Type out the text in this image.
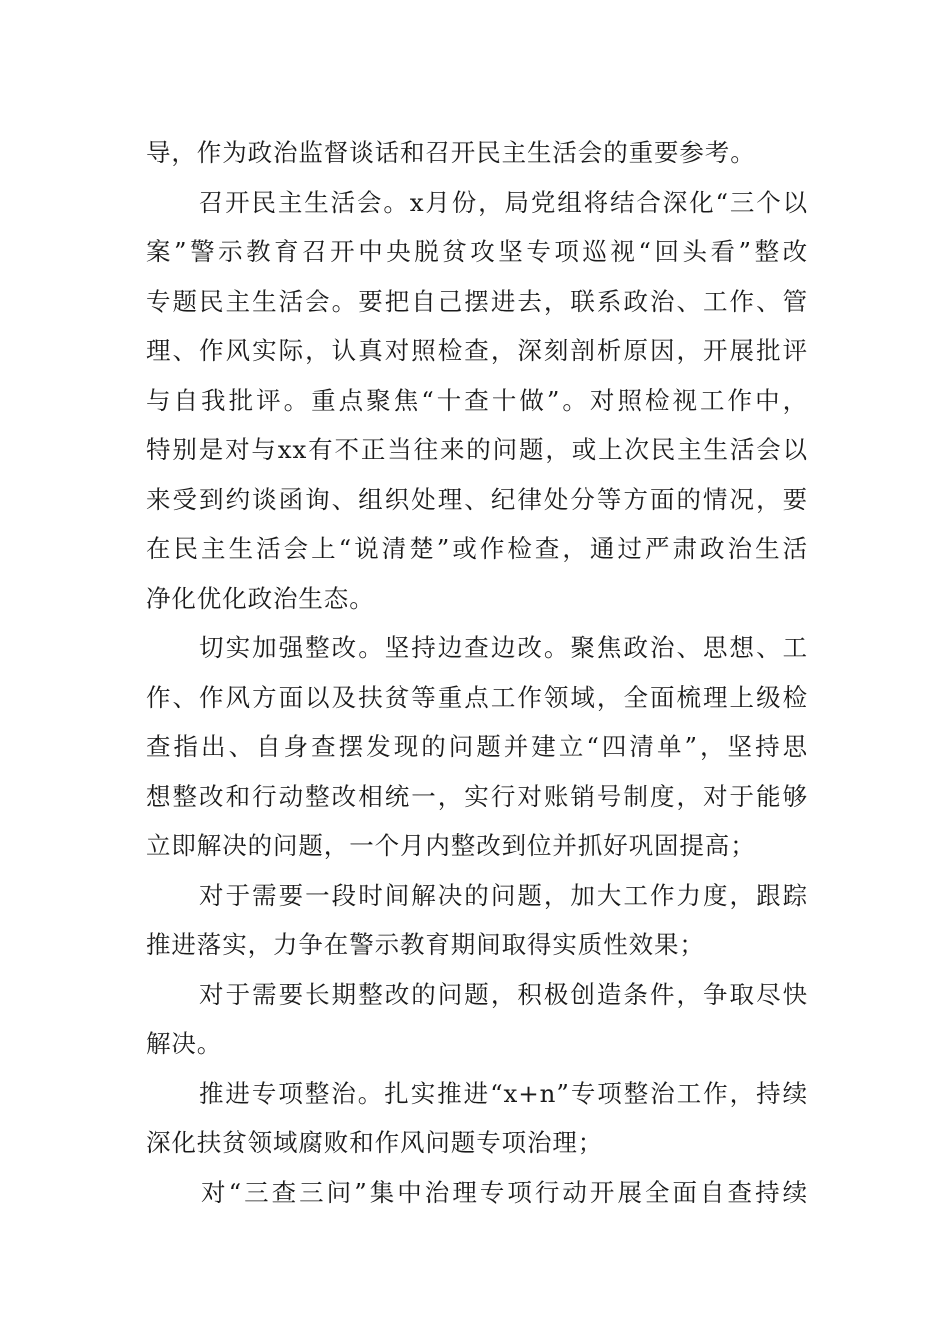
导，作为政治监督谈话和召开民主生活会的重要参考。
　　召开民主生活会。x月份，局党组将结合深化“三个以
案”警示教育召开中央脱贫攻坚专项巡视“回头看”整改
专题民主生活会。要把自己摆进去，联系政治、工作、管
理、作风实际，认真对照检查，深刻剖析原因，开展批评
与自我批评。重点聚焦“十查十做”。对照检视工作中，
特别是对与xx有不正当往来的问题，或上次民主生活会以
来受到约谈函询、组织处理、纪律处分等方面的情况，要
在民主生活会上“说清楚”或作检查，通过严肃政治生活
净化优化政治生态。
　　切实加强整改。坚持边查边改。聚焦政治、思想、工
作、作风方面以及扶贫等重点工作领域，全面梳理上级检
查指出、自身查摆发现的问题并建立“四清单”，坚持思
想整改和行动整改相统一，实行对账销号制度，对于能够
立即解决的问题，一个月内整改到位并抓好巩固提高；
　　对于需要一段时间解决的问题，加大工作力度，跟踪
推进落实，力争在警示教育期间取得实质性效果；
　　对于需要长期整改的问题，积极创造条件，争取尽快
解决。
　　推进专项整治。扎实推进“x+n”专项整治工作，持续
深化扶贫领域腐败和作风问题专项治理；
　　对“三查三问”集中治理专项行动开展全面自查持续
